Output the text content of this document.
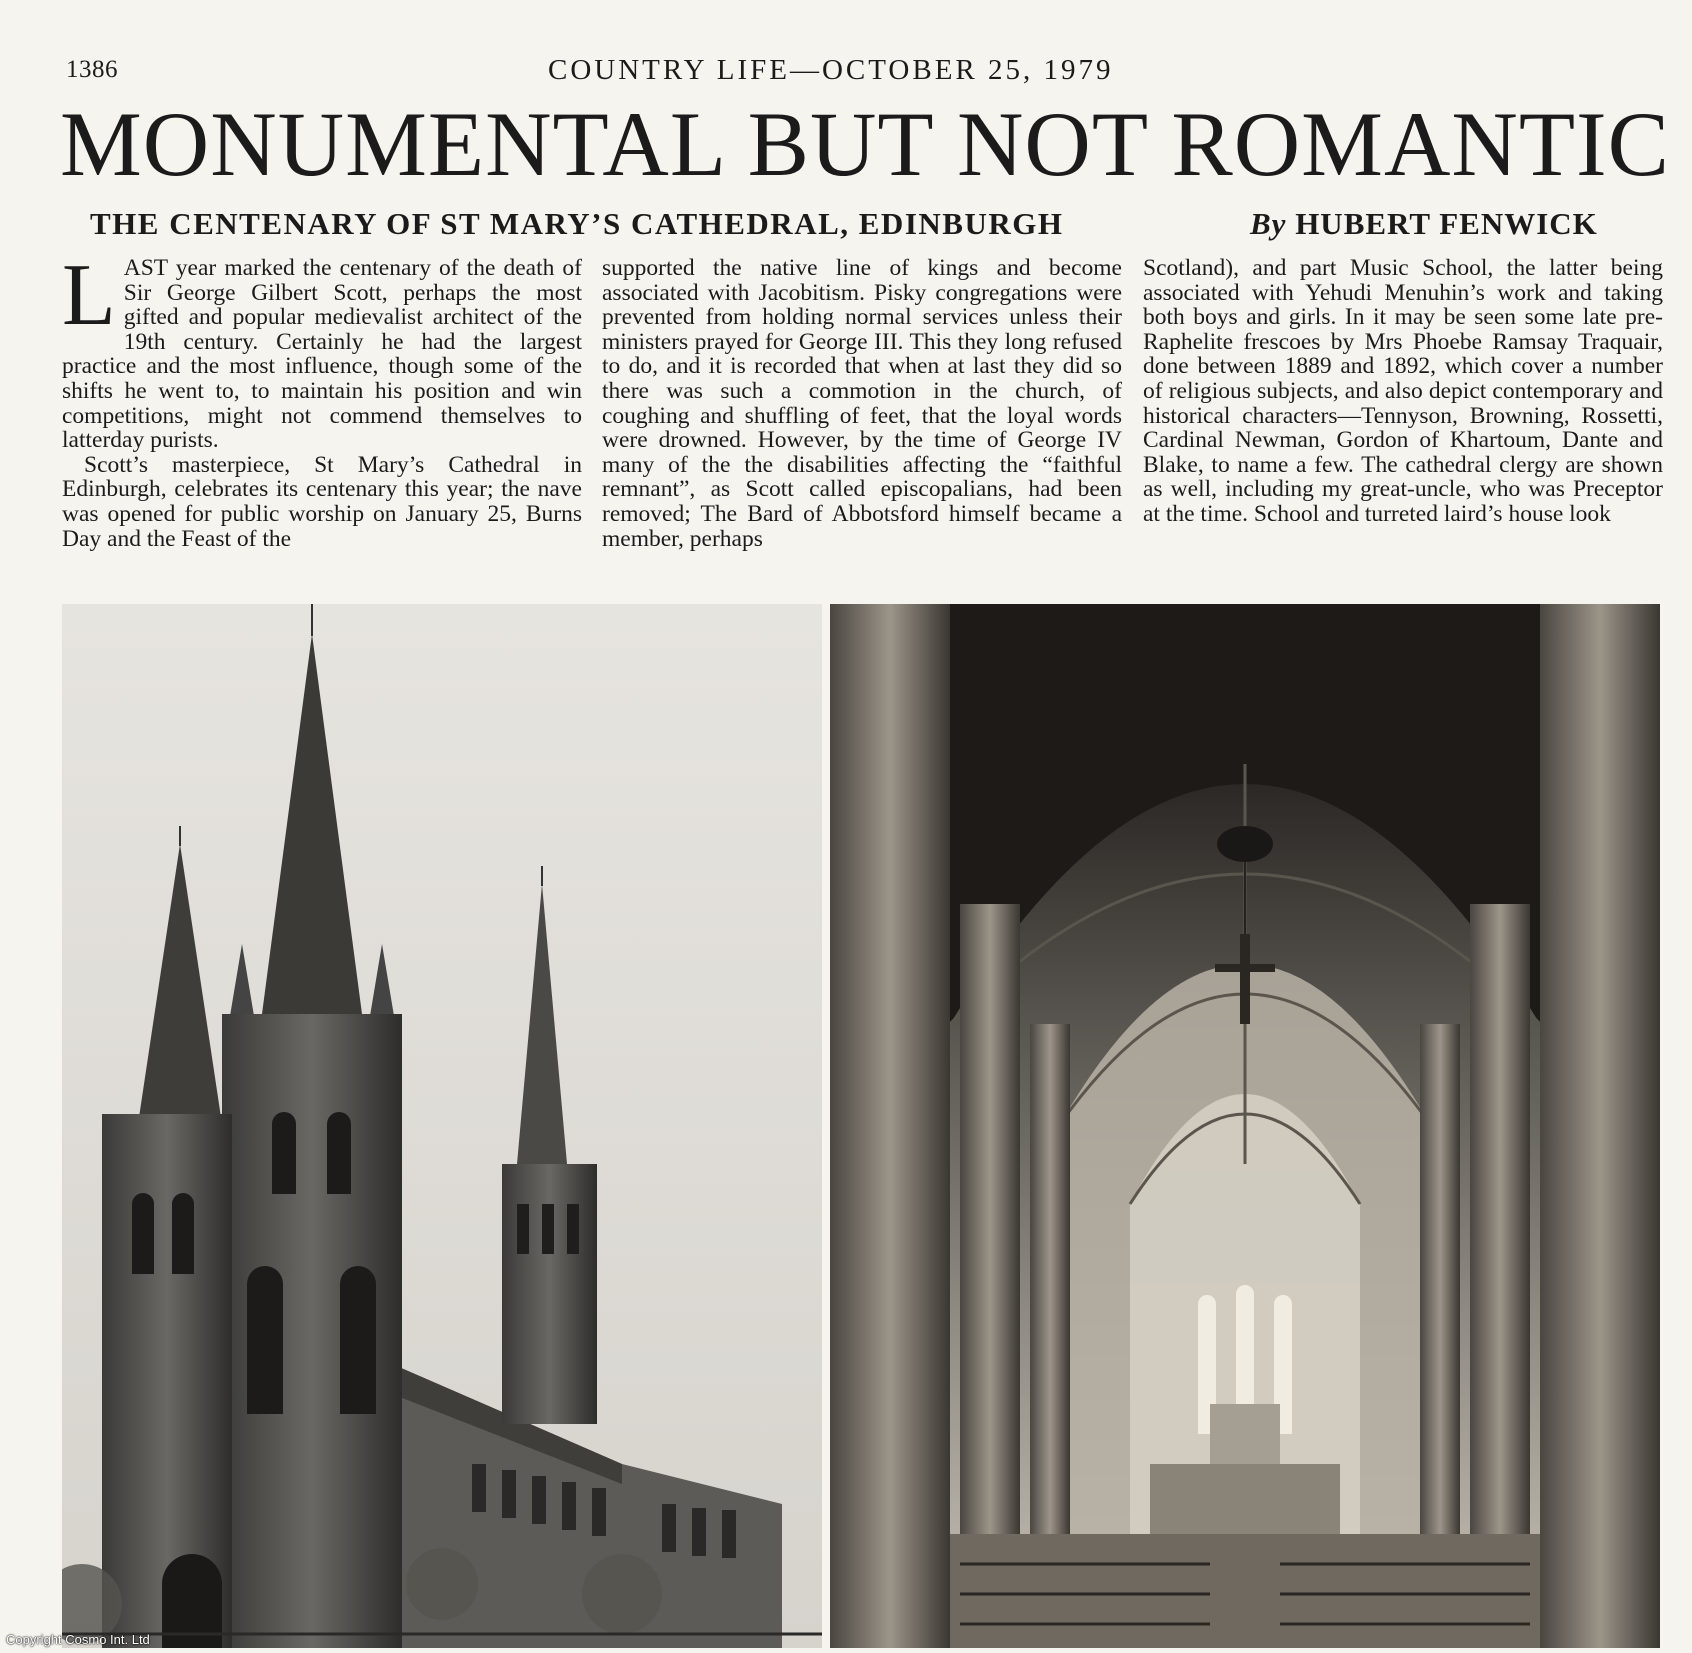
1386	COUNTRY LIFE—OCTOBER 25, 1979
MONUMENTAL BUT NOT ROMANTIC
THE CENTENARY OF ST MARY’S CATHEDRAL, EDINBURGH	By HUBERT FENWICK

LAST year marked the centenary of the death of Sir George Gilbert Scott, perhaps the most gifted and popular medievalist architect of the 19th century. Certainly he had the largest practice and the most influence, though some of the shifts he went to, to maintain his position and win competitions, might not commend themselves to latterday purists.

Scott’s masterpiece, St Mary’s Cathedral in Edinburgh, celebrates its centenary this year; the nave was opened for public worship on January 25, Burns Day and the Feast of the

supported the native line of kings and become associated with Jacobitism. Pisky congregations were prevented from holding normal services unless their ministers prayed for George III. This they long refused to do, and it is recorded that when at last they did so there was such a commotion in the church, of coughing and shuffling of feet, that the loyal words were drowned. However, by the time of George IV many of the the disabilities affecting the “faithful remnant”, as Scott called episcopalians, had been removed; The Bard of Abbotsford himself became a member, perhaps

Scotland), and part Music School, the latter being associated with Yehudi Menuhin’s work and taking both boys and girls. In it may be seen some late pre-Raphelite frescoes by Mrs Phoebe Ramsay Traquair, done between 1889 and 1892, which cover a number of religious subjects, and also depict contemporary and historical characters—Tennyson, Browning, Rossetti, Cardinal Newman, Gordon of Khartoum, Dante and Blake, to name a few. The cathedral clergy are shown as well, including my great-uncle, who was Preceptor at the time. School and turreted laird’s house look

Copyright Cosmo Int. Ltd
